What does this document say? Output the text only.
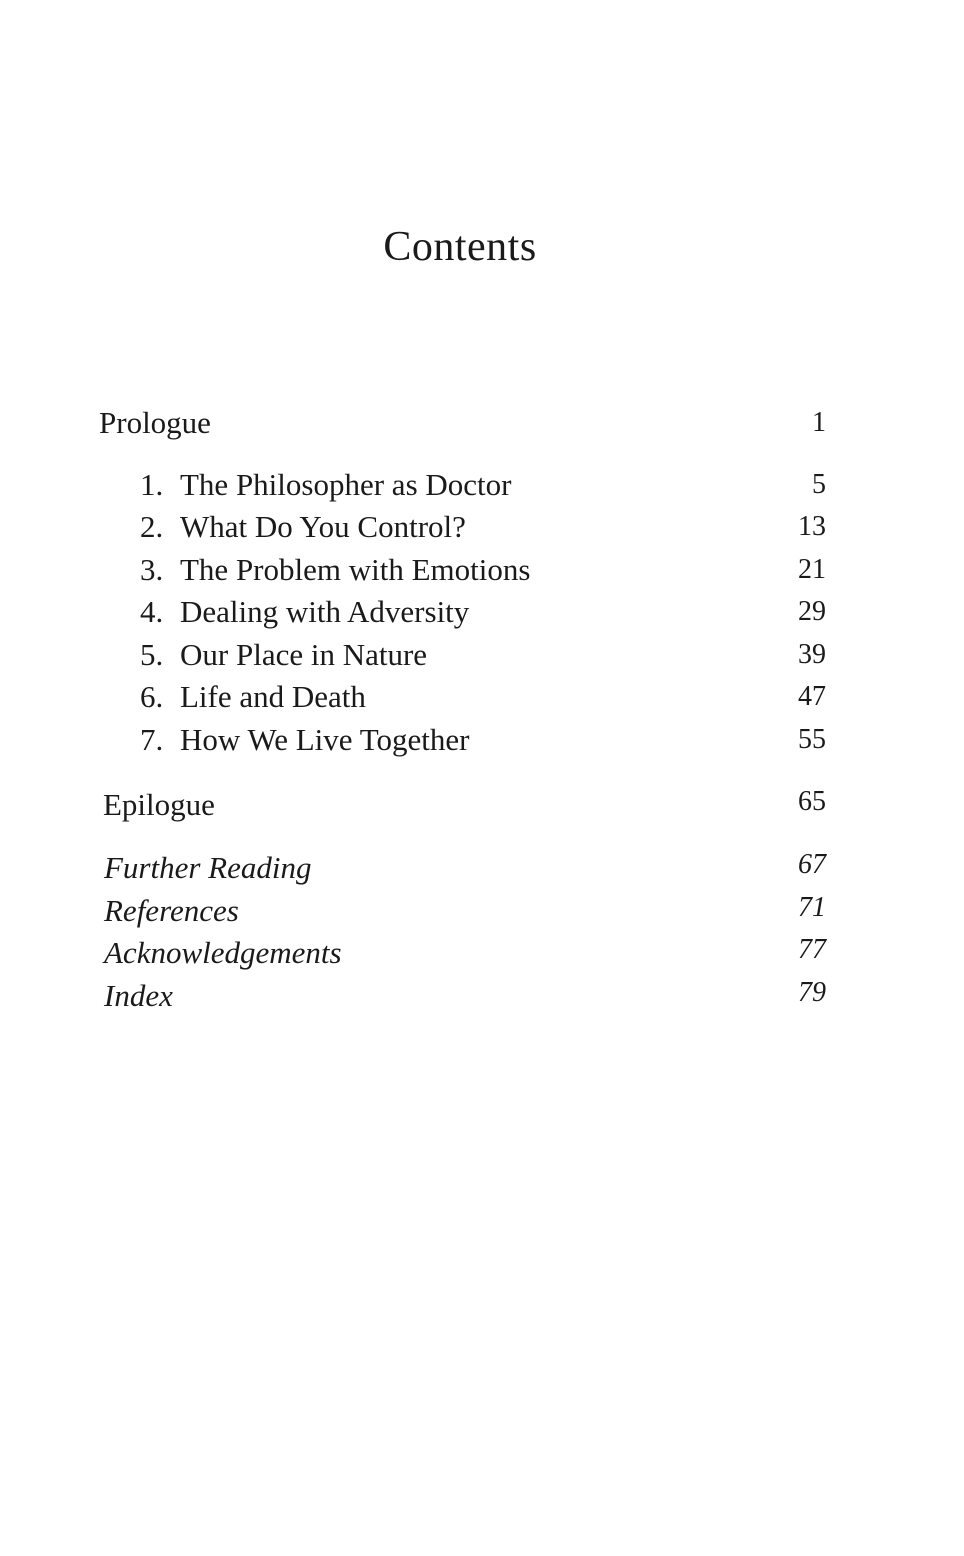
Contents
Prologue	1
1. The Philosopher as Doctor	5
2. What Do You Control?	13
3. The Problem with Emotions	21
4. Dealing with Adversity	29
5. Our Place in Nature	39
6. Life and Death	47
7. How We Live Together	55
Epilogue	65
Further Reading	67
References	71
Acknowledgements	77
Index	79
